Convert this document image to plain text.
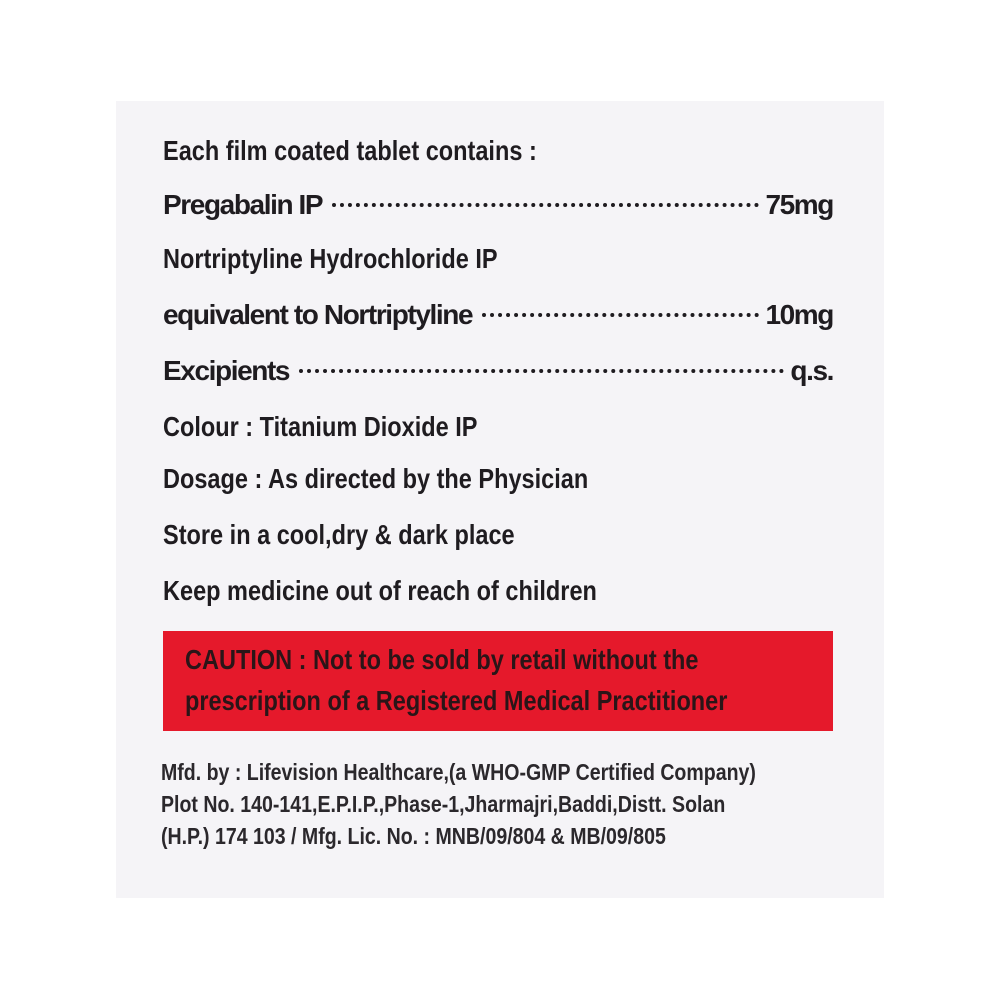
Each film coated tablet contains :
Pregabalin IP	75mg
Nortriptyline Hydrochloride IP
equivalent to Nortriptyline	10mg
Excipients	q.s.
Colour : Titanium Dioxide IP
Dosage : As directed by the Physician
Store in a cool,dry & dark place
Keep medicine out of reach of children
CAUTION : Not to be sold by retail without the
prescription of a Registered Medical Practitioner
Mfd. by : Lifevision Healthcare,(a WHO-GMP Certified Company)
Plot No. 140-141,E.P.I.P.,Phase-1,Jharmajri,Baddi,Distt. Solan
(H.P.) 174 103 / Mfg. Lic. No. : MNB/09/804 & MB/09/805
